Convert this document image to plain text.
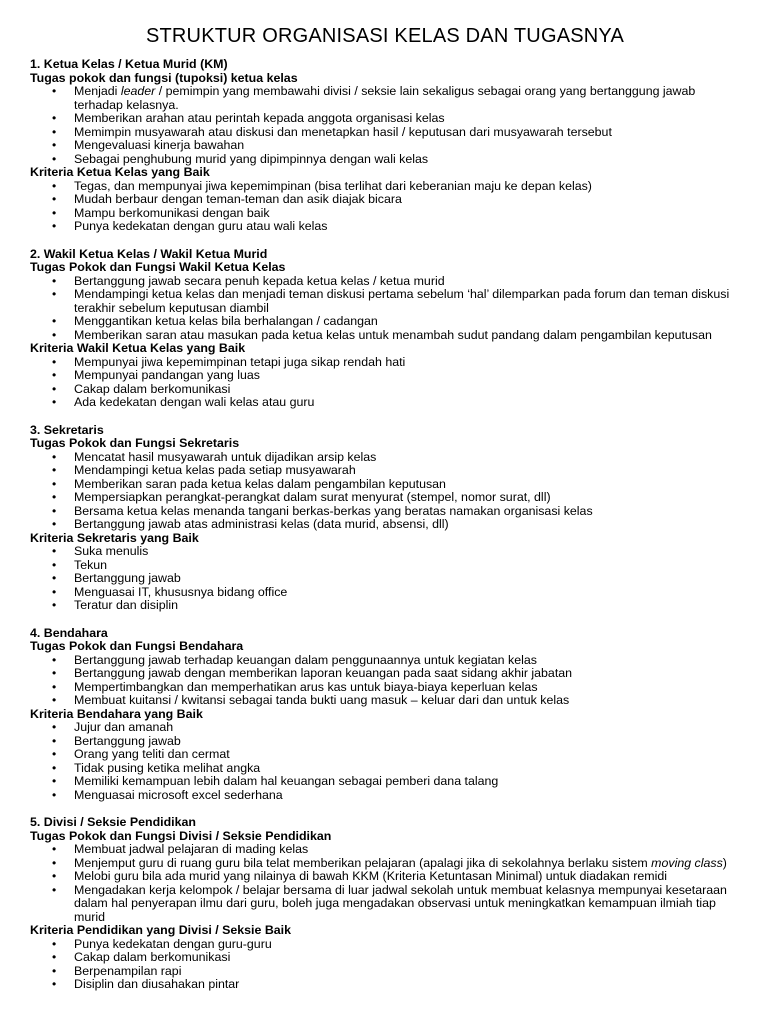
STRUKTUR ORGANISASI KELAS DAN TUGASNYA
1. Ketua Kelas / Ketua Murid (KM)
Tugas pokok dan fungsi (tupoksi) ketua kelas
• Menjadi leader / pemimpin yang membawahi divisi / seksie lain sekaligus sebagai orang yang bertanggung jawab terhadap kelasnya.
• Memberikan arahan atau perintah kepada anggota organisasi kelas
• Memimpin musyawarah atau diskusi dan menetapkan hasil / keputusan dari musyawarah tersebut
• Mengevaluasi kinerja bawahan
• Sebagai penghubung murid yang dipimpinnya dengan wali kelas
Kriteria Ketua Kelas yang Baik
• Tegas, dan mempunyai jiwa kepemimpinan (bisa terlihat dari keberanian maju ke depan kelas)
• Mudah berbaur dengan teman-teman dan asik diajak bicara
• Mampu berkomunikasi dengan baik
• Punya kedekatan dengan guru atau wali kelas
2. Wakil Ketua Kelas / Wakil Ketua Murid
Tugas Pokok dan Fungsi Wakil Ketua Kelas
• Bertanggung jawab secara penuh kepada ketua kelas / ketua murid
• Mendampingi ketua kelas dan menjadi teman diskusi pertama sebelum ‘hal’ dilemparkan pada forum dan teman diskusi terakhir sebelum keputusan diambil
• Menggantikan ketua kelas bila berhalangan / cadangan
• Memberikan saran atau masukan pada ketua kelas untuk menambah sudut pandang dalam pengambilan keputusan
Kriteria Wakil Ketua Kelas yang Baik
• Mempunyai jiwa kepemimpinan tetapi juga sikap rendah hati
• Mempunyai pandangan yang luas
• Cakap dalam berkomunikasi
• Ada kedekatan dengan wali kelas atau guru
3. Sekretaris
Tugas Pokok dan Fungsi Sekretaris
• Mencatat hasil musyawarah untuk dijadikan arsip kelas
• Mendampingi ketua kelas pada setiap musyawarah
• Memberikan saran pada ketua kelas dalam pengambilan keputusan
• Mempersiapkan perangkat-perangkat dalam surat menyurat (stempel, nomor surat, dll)
• Bersama ketua kelas menanda tangani berkas-berkas yang beratas namakan organisasi kelas
• Bertanggung jawab atas administrasi kelas (data murid, absensi, dll)
Kriteria Sekretaris yang Baik
• Suka menulis
• Tekun
• Bertanggung jawab
• Menguasai IT, khususnya bidang office
• Teratur dan disiplin
4. Bendahara
Tugas Pokok dan Fungsi Bendahara
• Bertanggung jawab terhadap keuangan dalam penggunaannya untuk kegiatan kelas
• Bertanggung jawab dengan memberikan laporan keuangan pada saat sidang akhir jabatan
• Mempertimbangkan dan memperhatikan arus kas untuk biaya-biaya keperluan kelas
• Membuat kuitansi / kwitansi sebagai tanda bukti uang masuk – keluar dari dan untuk kelas
Kriteria Bendahara yang Baik
• Jujur dan amanah
• Bertanggung jawab
• Orang yang teliti dan cermat
• Tidak pusing ketika melihat angka
• Memiliki kemampuan lebih dalam hal keuangan sebagai pemberi dana talang
• Menguasai microsoft excel sederhana
5. Divisi / Seksie Pendidikan
Tugas Pokok dan Fungsi Divisi / Seksie Pendidikan
• Membuat jadwal pelajaran di mading kelas
• Menjemput guru di ruang guru bila telat memberikan pelajaran (apalagi jika di sekolahnya berlaku sistem moving class)
• Melobi guru bila ada murid yang nilainya di bawah KKM (Kriteria Ketuntasan Minimal) untuk diadakan remidi
• Mengadakan kerja kelompok / belajar bersama di luar jadwal sekolah untuk membuat kelasnya mempunyai kesetaraan dalam hal penyerapan ilmu dari guru, boleh juga mengadakan observasi untuk meningkatkan kemampuan ilmiah tiap murid
Kriteria Pendidikan yang Divisi / Seksie Baik
• Punya kedekatan dengan guru-guru
• Cakap dalam berkomunikasi
• Berpenampilan rapi
• Disiplin dan diusahakan pintar
